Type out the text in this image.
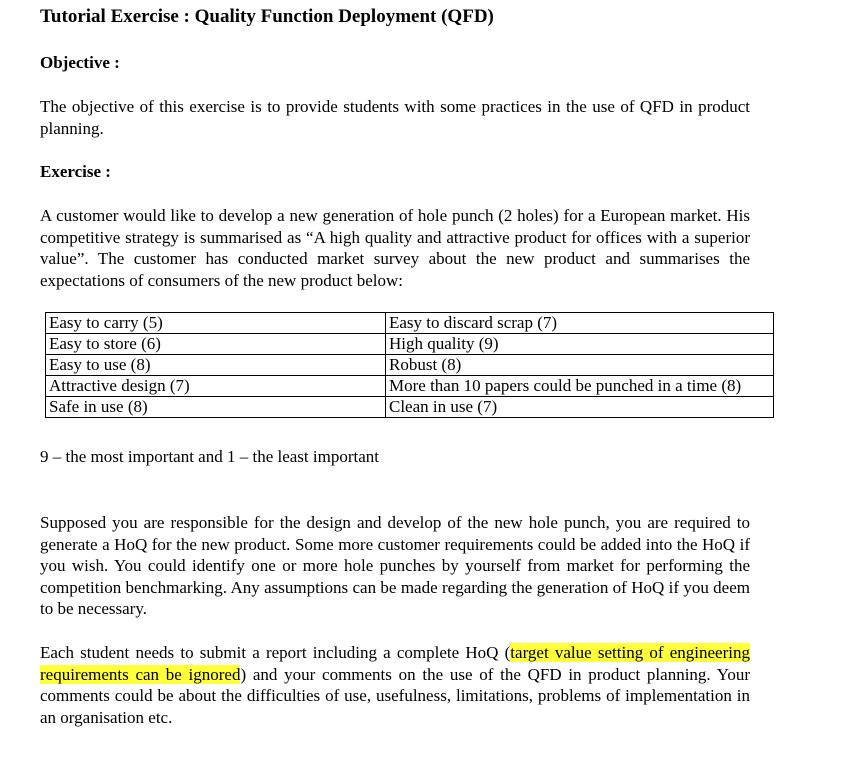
Tutorial Exercise : Quality Function Deployment (QFD)
Objective :

The objective of this exercise is to provide students with some practices in the use of QFD in product planning.

Exercise :

A customer would like to develop a new generation of hole punch (2 holes) for a European market. His competitive strategy is summarised as “A high quality and attractive product for offices with a superior value”. The customer has conducted market survey about the new product and summarises the expectations of consumers of the new product below:

Easy to carry (5)	Easy to discard scrap (7)
Easy to store (6)	High quality (9)
Easy to use (8)	Robust (8)
Attractive design (7)	More than 10 papers could be punched in a time (8)
Safe in use (8)	Clean in use (7)
9 – the most important and 1 – the least important

Supposed you are responsible for the design and develop of the new hole punch, you are required to generate a HoQ for the new product. Some more customer requirements could be added into the HoQ if you wish. You could identify one or more hole punches by yourself from market for performing the competition benchmarking. Any assumptions can be made regarding the generation of HoQ if you deem to be necessary.

Each student needs to submit a report including a complete HoQ (target value setting of engineering requirements can be ignored) and your comments on the use of the QFD in product planning. Your comments could be about the difficulties of use, usefulness, limitations, problems of implementation in an organisation etc.
